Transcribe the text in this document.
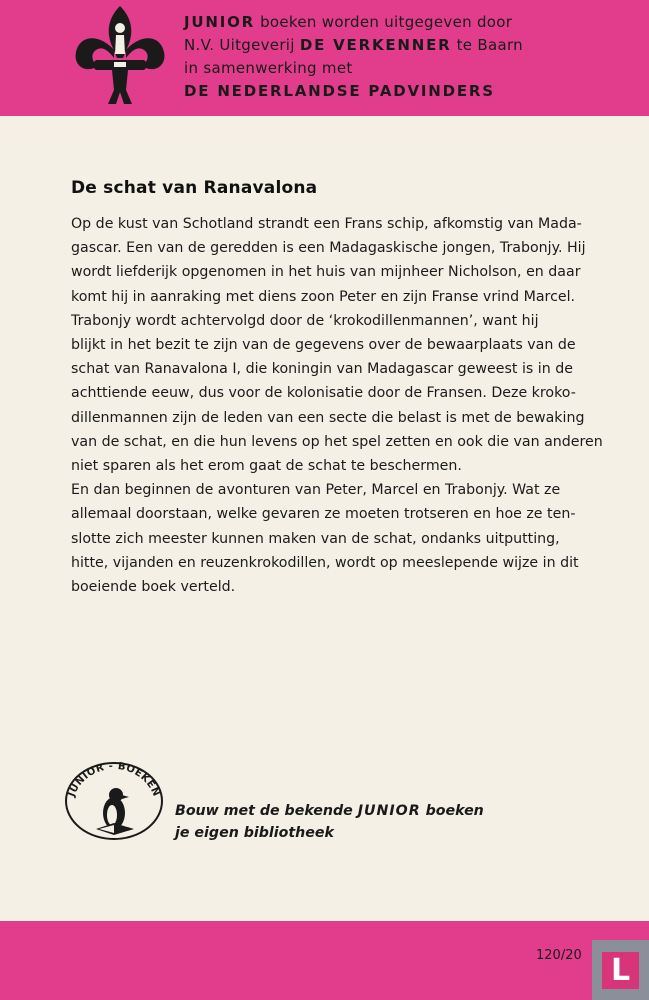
JUNIOR boeken worden uitgegeven door
N.V. Uitgeverij DE VERKENNER te Baarn
in samenwerking met
DE NEDERLANDSE PADVINDERS
De schat van Ranavalona
Op de kust van Schotland strandt een Frans schip, afkomstig van Mada-
gascar. Een van de geredden is een Madagaskische jongen, Trabonjy. Hij
wordt liefderijk opgenomen in het huis van mijnheer Nicholson, en daar
komt hij in aanraking met diens zoon Peter en zijn Franse vrind Marcel.
Trabonjy wordt achtervolgd door de ‘krokodillenmannen’, want hij
blijkt in het bezit te zijn van de gegevens over de bewaarplaats van de
schat van Ranavalona I, die koningin van Madagascar geweest is in de
achttiende eeuw, dus voor de kolonisatie door de Fransen. Deze kroko-
dillenmannen zijn de leden van een secte die belast is met de bewaking
van de schat, en die hun levens op het spel zetten en ook die van anderen
niet sparen als het erom gaat de schat te beschermen.
En dan beginnen de avonturen van Peter, Marcel en Trabonjy. Wat ze
allemaal doorstaan, welke gevaren ze moeten trotseren en hoe ze ten-
slotte zich meester kunnen maken van de schat, ondanks uitputting,
hitte, vijanden en reuzenkrokodillen, wordt op meeslepende wijze in dit
boeiende boek verteld.
JUNIOR - BOEKEN
Bouw met de bekende JUNIOR boeken
je eigen bibliotheek
120/20 L
